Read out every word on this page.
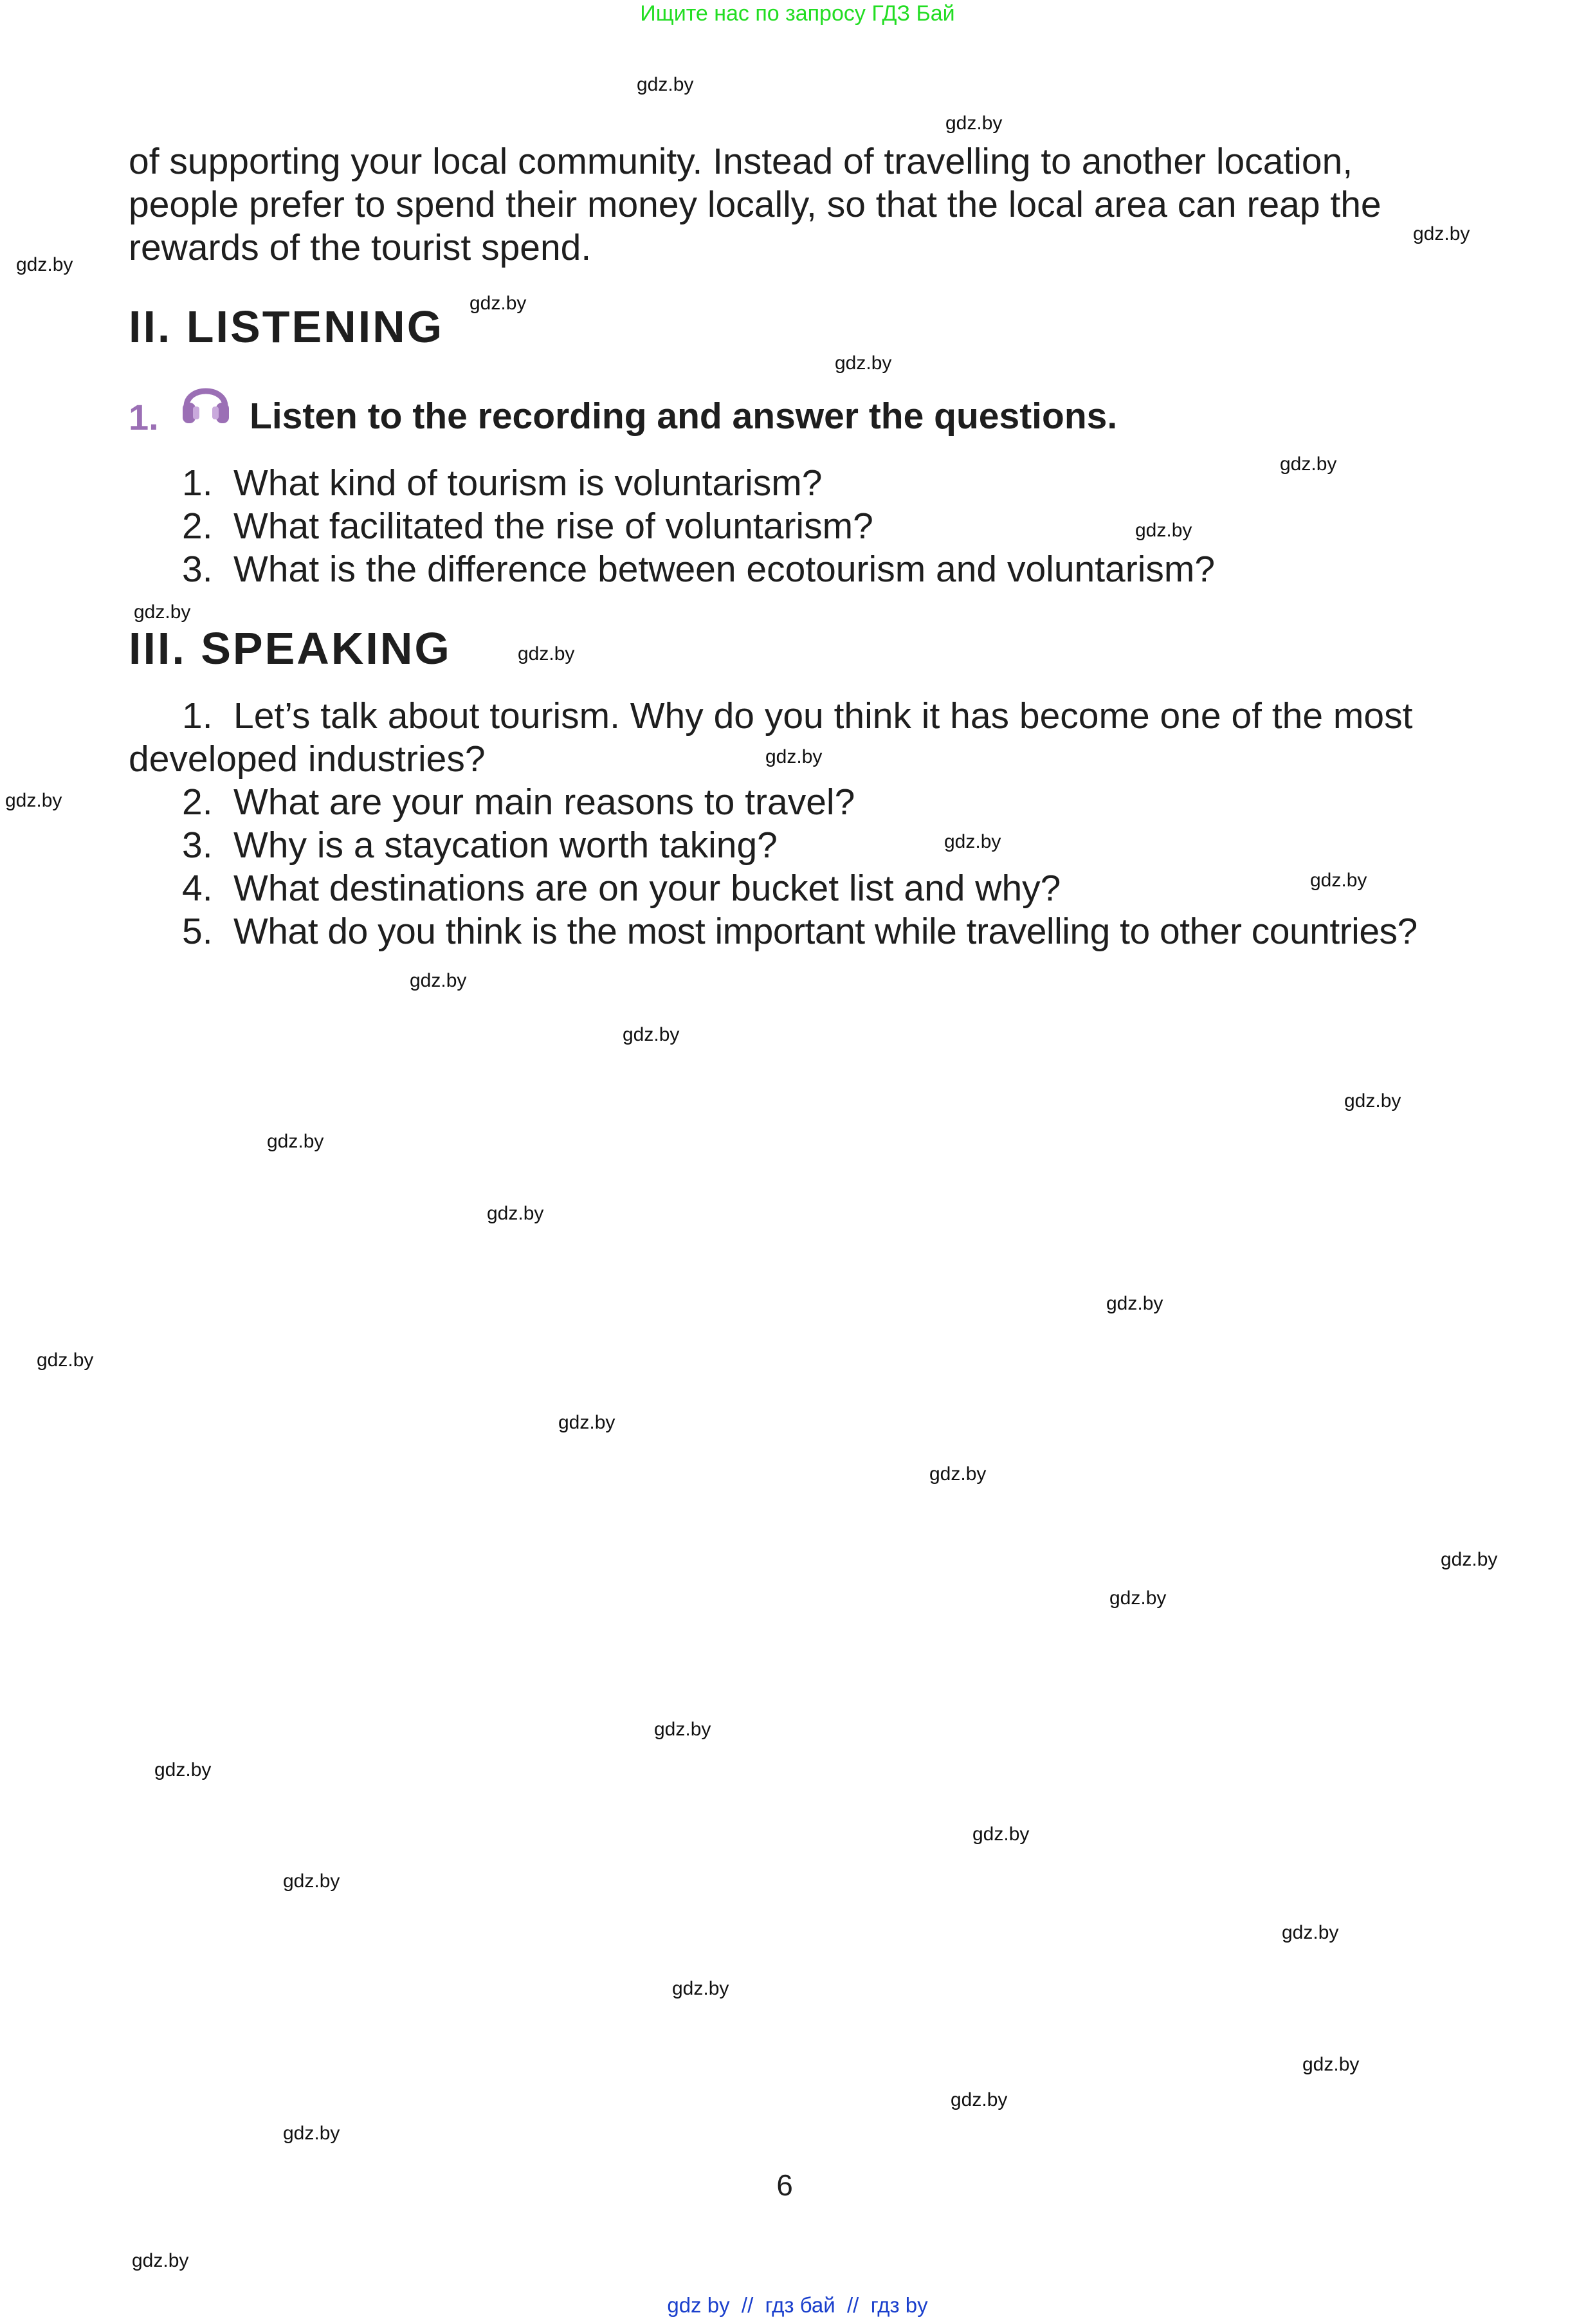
Ищите нас по запросу ГДЗ Бай
of supporting your local community. Instead of travelling to another location,
people prefer to spend their money locally, so that the local area can reap the
rewards of the tourist spend.
II. LISTENING
1. Listen to the recording and answer the questions.
1. What kind of tourism is voluntarism?
2. What facilitated the rise of voluntarism?
3. What is the difference between ecotourism and voluntarism?
III. SPEAKING
1. Let’s talk about tourism. Why do you think it has become one of the most
developed industries?
2. What are your main reasons to travel?
3. Why is a staycation worth taking?
4. What destinations are on your bucket list and why?
5. What do you think is the most important while travelling to other countries?
gdz.by
gdz.by
gdz.by
gdz.by
gdz.by
gdz.by
gdz.by
gdz.by
gdz.by
gdz.by
gdz.by
gdz.by
gdz.by
gdz.by
gdz.by
gdz.by
gdz.by
gdz.by
gdz.by
gdz.by
gdz.by
gdz.by
gdz.by
gdz.by
gdz.by
gdz.by
gdz.by
gdz.by
gdz.by
gdz.by
gdz.by
gdz.by
gdz.by
gdz.by
gdz.by
6
gdz by // гдз бай // гдз by
